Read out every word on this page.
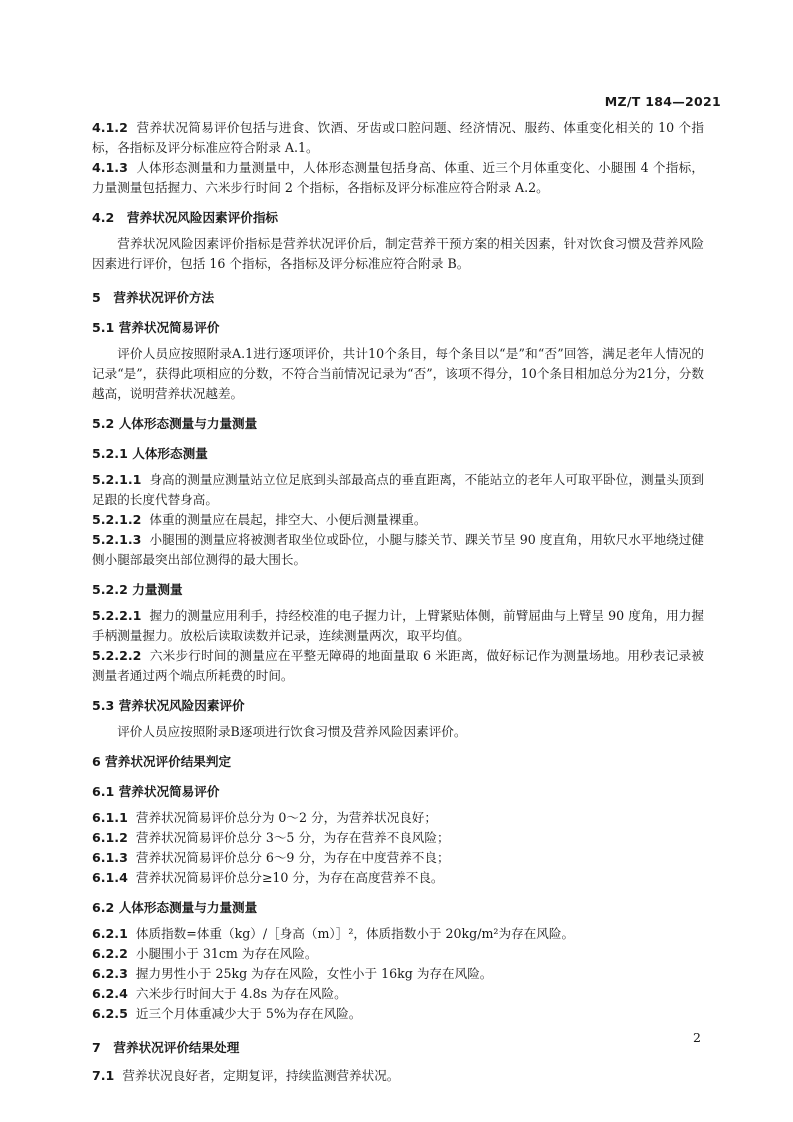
MZ/T 184—2021

4.1.2 营养状况简易评价包括与进食、饮酒、牙齿或口腔问题、经济情况、服药、体重变化相关的 10 个指标，各指标及评分标准应符合附录 A.1。

4.1.3 人体形态测量和力量测量中，人体形态测量包括身高、体重、近三个月体重变化、小腿围 4 个指标，力量测量包括握力、六米步行时间 2 个指标，各指标及评分标准应符合附录 A.2。

4.2　营养状况风险因素评价指标

营养状况风险因素评价指标是营养状况评价后，制定营养干预方案的相关因素，针对饮食习惯及营养风险因素进行评价，包括 16 个指标，各指标及评分标准应符合附录 B。

5　营养状况评价方法

5.1 营养状况简易评价

评价人员应按照附录A.1进行逐项评价，共计10个条目，每个条目以“是”和“否”回答，满足老年人情况的记录“是”，获得此项相应的分数，不符合当前情况记录为“否”，该项不得分，10个条目相加总分为21分，分数越高，说明营养状况越差。

5.2 人体形态测量与力量测量

5.2.1 人体形态测量

5.2.1.1 身高的测量应测量站立位足底到头部最高点的垂直距离，不能站立的老年人可取平卧位，测量头顶到足跟的长度代替身高。

5.2.1.2 体重的测量应在晨起，排空大、小便后测量裸重。

5.2.1.3 小腿围的测量应将被测者取坐位或卧位，小腿与膝关节、踝关节呈 90 度直角，用软尺水平地绕过健侧小腿部最突出部位测得的最大围长。

5.2.2 力量测量

5.2.2.1 握力的测量应用利手，持经校准的电子握力计，上臂紧贴体侧，前臂屈曲与上臂呈 90 度角，用力握手柄测量握力。放松后读取读数并记录，连续测量两次，取平均值。

5.2.2.2 六米步行时间的测量应在平整无障碍的地面量取 6 米距离，做好标记作为测量场地。用秒表记录被测量者通过两个端点所耗费的时间。

5.3 营养状况风险因素评价

评价人员应按照附录B逐项进行饮食习惯及营养风险因素评价。

6 营养状况评价结果判定

6.1 营养状况简易评价

6.1.1 营养状况简易评价总分为 0～2 分，为营养状况良好；

6.1.2 营养状况简易评价总分 3～5 分，为存在营养不良风险；

6.1.3 营养状况简易评价总分 6～9 分，为存在中度营养不良；

6.1.4 营养状况简易评价总分≥10 分，为存在高度营养不良。

6.2 人体形态测量与力量测量

6.2.1 体质指数=体重（kg）/［身高（m）］²，体质指数小于 20kg/m²为存在风险。

6.2.2 小腿围小于 31cm 为存在风险。

6.2.3 握力男性小于 25kg 为存在风险，女性小于 16kg 为存在风险。

6.2.4 六米步行时间大于 4.8s 为存在风险。

6.2.5 近三个月体重减少大于 5%为存在风险。

7　营养状况评价结果处理

7.1 营养状况良好者，定期复评，持续监测营养状况。

2
